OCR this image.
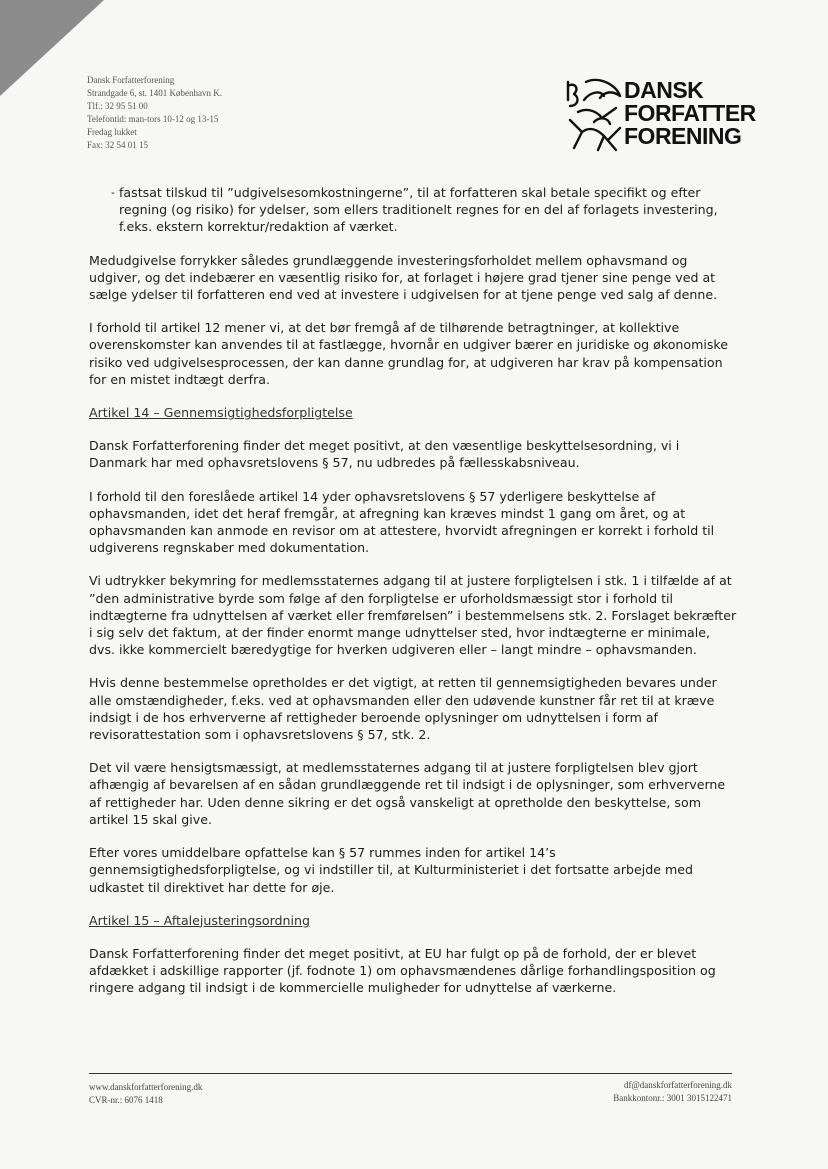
Dansk Forfatterforening
Strandgade 6, st. 1401 København K.
Tlf.: 32 95 51 00
Telefontid: man-tors 10-12 og 13-15
Fredag lukket
Fax: 32 54 01 15
DANSK
FORFATTER
FORENING
- fastsat tilskud til ”udgivelsesomkostningerne”, til at forfatteren skal betale specifikt og efter regning (og risiko) for ydelser, som ellers traditionelt regnes for en del af forlagets investering, f.eks. ekstern korrektur/redaktion af værket.

Medudgivelse forrykker således grundlæggende investeringsforholdet mellem ophavsmand og udgiver, og det indebærer en væsentlig risiko for, at forlaget i højere grad tjener sine penge ved at sælge ydelser til forfatteren end ved at investere i udgivelsen for at tjene penge ved salg af denne.

I forhold til artikel 12 mener vi, at det bør fremgå af de tilhørende betragtninger, at kollektive overenskomster kan anvendes til at fastlægge, hvornår en udgiver bærer en juridiske og økonomiske risiko ved udgivelsesprocessen, der kan danne grundlag for, at udgiveren har krav på kompensation for en mistet indtægt derfra.

Artikel 14 – Gennemsigtighedsforpligtelse

Dansk Forfatterforening finder det meget positivt, at den væsentlige beskyttelsesordning, vi i Danmark har med ophavsretslovens § 57, nu udbredes på fællesskabsniveau.

I forhold til den foreslåede artikel 14 yder ophavsretslovens § 57 yderligere beskyttelse af ophavsmanden, idet det heraf fremgår, at afregning kan kræves mindst 1 gang om året, og at ophavsmanden kan anmode en revisor om at attestere, hvorvidt afregningen er korrekt i forhold til udgiverens regnskaber med dokumentation.

Vi udtrykker bekymring for medlemsstaternes adgang til at justere forpligtelsen i stk. 1 i tilfælde af at ”den administrative byrde som følge af den forpligtelse er uforholdsmæssigt stor i forhold til indtægterne fra udnyttelsen af værket eller fremførelsen” i bestemmelsens stk. 2. Forslaget bekræfter i sig selv det faktum, at der finder enormt mange udnyttelser sted, hvor indtægterne er minimale, dvs. ikke kommercielt bæredygtige for hverken udgiveren eller – langt mindre – ophavsmanden.

Hvis denne bestemmelse opretholdes er det vigtigt, at retten til gennemsigtigheden bevares under alle omstændigheder, f.eks. ved at ophavsmanden eller den udøvende kunstner får ret til at kræve indsigt i de hos erhververne af rettigheder beroende oplysninger om udnyttelsen i form af revisorattestation som i ophavsretslovens § 57, stk. 2.

Det vil være hensigtsmæssigt, at medlemsstaternes adgang til at justere forpligtelsen blev gjort afhængig af bevarelsen af en sådan grundlæggende ret til indsigt i de oplysninger, som erhververne af rettigheder har. Uden denne sikring er det også vanskeligt at opretholde den beskyttelse, som artikel 15 skal give.

Efter vores umiddelbare opfattelse kan § 57 rummes inden for artikel 14’s gennemsigtighedsforpligtelse, og vi indstiller til, at Kulturministeriet i det fortsatte arbejde med udkastet til direktivet har dette for øje.

Artikel 15 – Aftalejusteringsordning

Dansk Forfatterforening finder det meget positivt, at EU har fulgt op på de forhold, der er blevet afdækket i adskillige rapporter (jf. fodnote 1) om ophavsmændenes dårlige forhandlingsposition og ringere adgang til indsigt i de kommercielle muligheder for udnyttelse af værkerne.

www.danskforfatterforening.dk
CVR-nr.: 6076 1418
df@danskforfatterforening.dk
Bankkontonr.: 3001 3015122471
